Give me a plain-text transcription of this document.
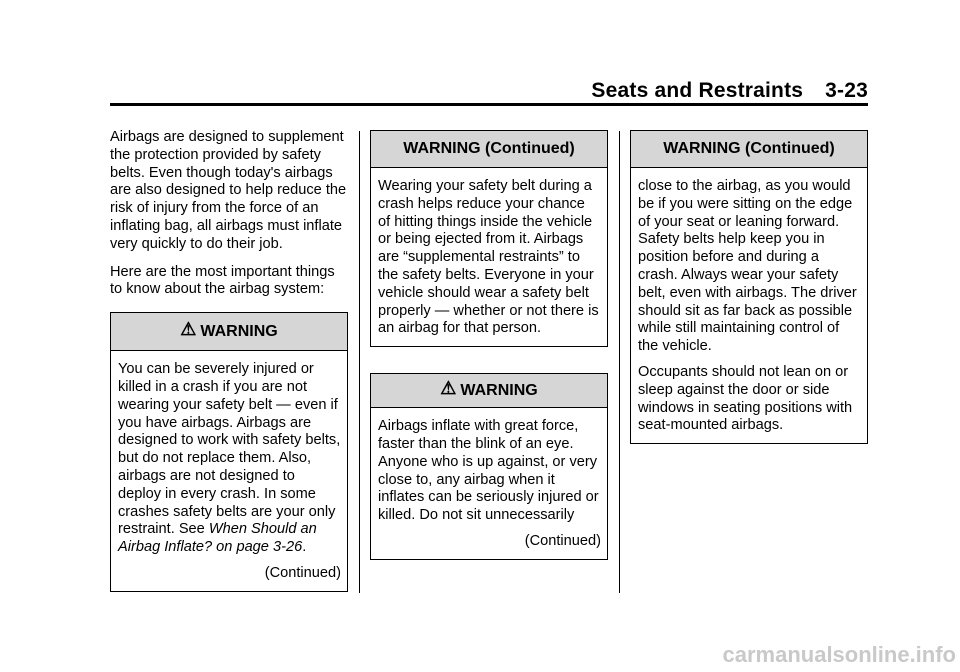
Seats and Restraints 3-23

Airbags are designed to supplement the protection provided by safety belts. Even though today's airbags are also designed to help reduce the risk of injury from the force of an inflating bag, all airbags must inflate very quickly to do their job.

Here are the most important things to know about the airbag system:

⚠ WARNING

You can be severely injured or killed in a crash if you are not wearing your safety belt — even if you have airbags. Airbags are designed to work with safety belts, but do not replace them. Also, airbags are not designed to deploy in every crash. In some crashes safety belts are your only restraint. See When Should an Airbag Inflate? on page 3-26.

(Continued)

WARNING (Continued)

Wearing your safety belt during a crash helps reduce your chance of hitting things inside the vehicle or being ejected from it. Airbags are “supplemental restraints” to the safety belts. Everyone in your vehicle should wear a safety belt properly — whether or not there is an airbag for that person.

⚠ WARNING

Airbags inflate with great force, faster than the blink of an eye. Anyone who is up against, or very close to, any airbag when it inflates can be seriously injured or killed. Do not sit unnecessarily

(Continued)

WARNING (Continued)

close to the airbag, as you would be if you were sitting on the edge of your seat or leaning forward. Safety belts help keep you in position before and during a crash. Always wear your safety belt, even with airbags. The driver should sit as far back as possible while still maintaining control of the vehicle.

Occupants should not lean on or sleep against the door or side windows in seating positions with seat-mounted airbags.

carmanualsonline.info
